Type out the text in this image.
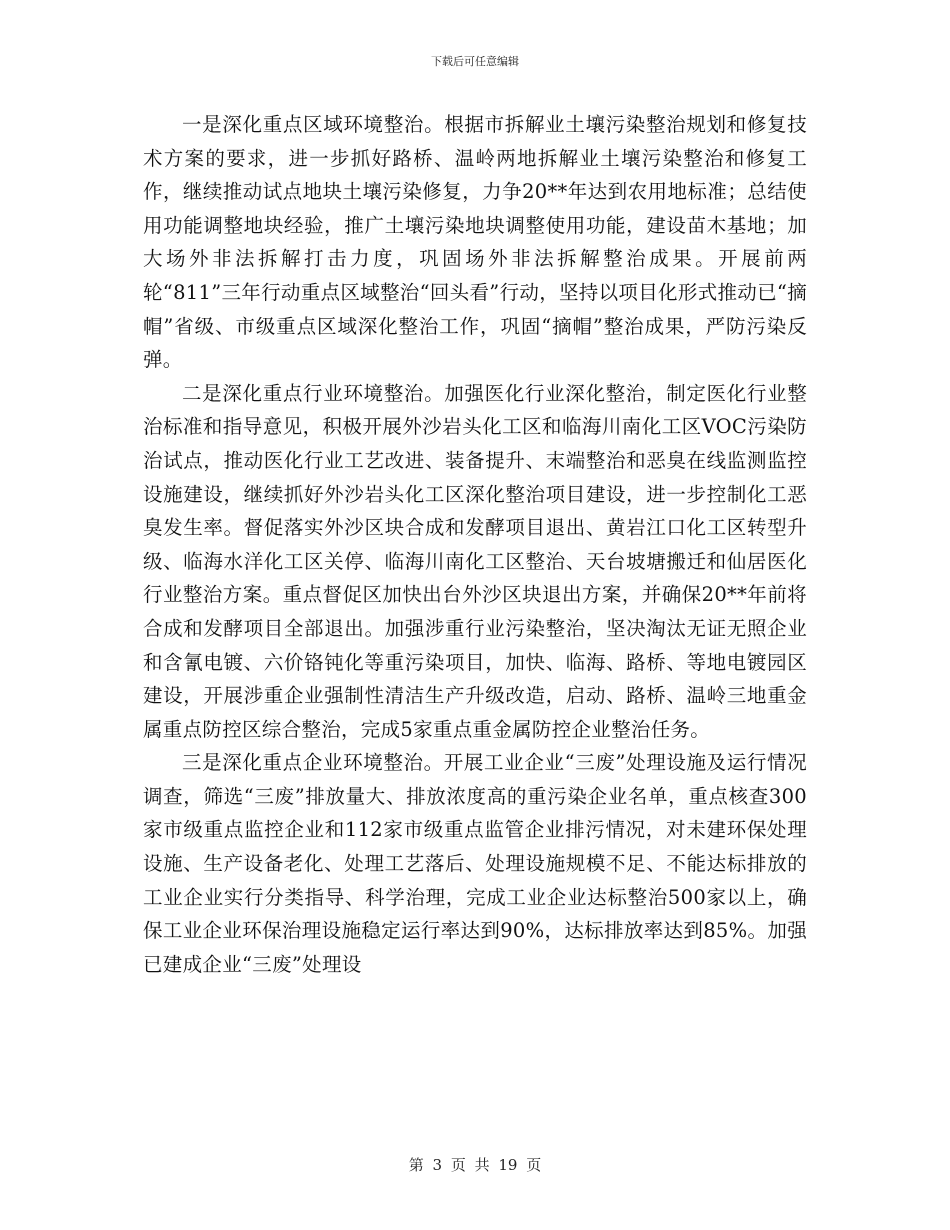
下载后可任意编辑

一是深化重点区域环境整治。根据市拆解业土壤污染整治规划和修复技术方案的要求，进一步抓好路桥、温岭两地拆解业土壤污染整治和修复工作，继续推动试点地块土壤污染修复，力争20**年达到农用地标准；总结使用功能调整地块经验，推广土壤污染地块调整使用功能，建设苗木基地；加大场外非法拆解打击力度，巩固场外非法拆解整治成果。开展前两轮“811”三年行动重点区域整治“回头看”行动，坚持以项目化形式推动已“摘帽”省级、市级重点区域深化整治工作，巩固“摘帽”整治成果，严防污染反弹。

二是深化重点行业环境整治。加强医化行业深化整治，制定医化行业整治标准和指导意见，积极开展外沙岩头化工区和临海川南化工区VOC污染防治试点，推动医化行业工艺改进、装备提升、末端整治和恶臭在线监测监控设施建设，继续抓好外沙岩头化工区深化整治项目建设，进一步控制化工恶臭发生率。督促落实外沙区块合成和发酵项目退出、黄岩江口化工区转型升级、临海水洋化工区关停、临海川南化工区整治、天台坡塘搬迁和仙居医化行业整治方案。重点督促区加快出台外沙区块退出方案，并确保20**年前将合成和发酵项目全部退出。加强涉重行业污染整治，坚决淘汰无证无照企业和含氰电镀、六价铬钝化等重污染项目，加快、临海、路桥、等地电镀园区建设，开展涉重企业强制性清洁生产升级改造，启动、路桥、温岭三地重金属重点防控区综合整治，完成5家重点重金属防控企业整治任务。

三是深化重点企业环境整治。开展工业企业“三废”处理设施及运行情况调查，筛选“三废”排放量大、排放浓度高的重污染企业名单，重点核查300家市级重点监控企业和112家市级重点监管企业排污情况，对未建环保处理设施、生产设备老化、处理工艺落后、处理设施规模不足、不能达标排放的工业企业实行分类指导、科学治理，完成工业企业达标整治500家以上，确保工业企业环保治理设施稳定运行率达到90%，达标排放率达到85%。加强已建成企业“三废”处理设

第 3 页 共 19 页
